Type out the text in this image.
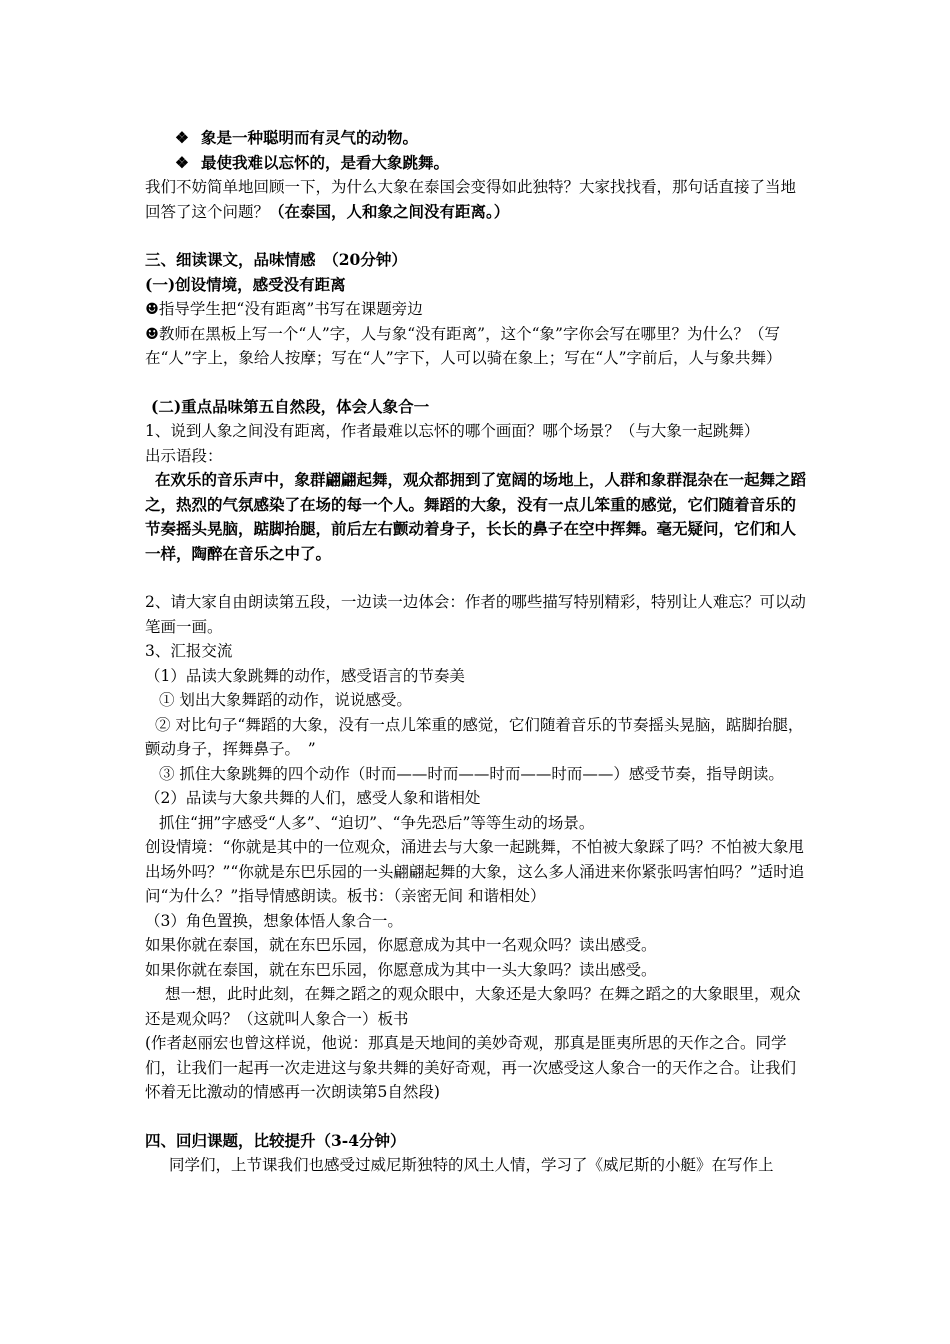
❖ 象是一种聪明而有灵气的动物。

❖ 最使我难以忘怀的，是看大象跳舞。

我们不妨简单地回顾一下，为什么大象在泰国会变得如此独特？大家找找看，那句话直接了当地回答了这个问题？（在泰国，人和象之间没有距离。）

三、细读课文，品味情感　（20分钟）

(一)创设情境，感受没有距离

☻指导学生把“没有距离”书写在课题旁边

☻教师在黑板上写一个“人”字，人与象“没有距离”，这个“象”字你会写在哪里？为什么？（写在“人”字上，象给人按摩；写在“人”字下，人可以骑在象上；写在“人”字前后，人与象共舞）

(二)重点品味第五自然段，体会人象合一

1、说到人象之间没有距离，作者最难以忘怀的哪个画面？哪个场景？（与大象一起跳舞）

出示语段：

在欢乐的音乐声中，象群翩翩起舞，观众都拥到了宽阔的场地上，人群和象群混杂在一起舞之蹈之，热烈的气氛感染了在场的每一个人。舞蹈的大象，没有一点儿笨重的感觉，它们随着音乐的节奏摇头晃脑，踮脚抬腿，前后左右颤动着身子，长长的鼻子在空中挥舞。毫无疑问，它们和人一样，陶醉在音乐之中了。

2、请大家自由朗读第五段，一边读一边体会：作者的哪些描写特别精彩，特别让人难忘？可以动笔画一画。

3、汇报交流

（1）品读大象跳舞的动作，感受语言的节奏美

① 划出大象舞蹈的动作，说说感受。

② 对比句子“舞蹈的大象，没有一点儿笨重的感觉，它们随着音乐的节奏摇头晃脑，踮脚抬腿，颤动身子，挥舞鼻子。　”

③ 抓住大象跳舞的四个动作（时而——时而——时而——时而——）感受节奏，指导朗读。

（2）品读与大象共舞的人们，感受人象和谐相处

抓住“拥”字感受“人多”、“迫切”、“争先恐后”等等生动的场景。

创设情境：“你就是其中的一位观众，涌进去与大象一起跳舞，不怕被大象踩了吗？不怕被大象甩出场外吗？”“你就是东巴乐园的一头翩翩起舞的大象，这么多人涌进来你紧张吗害怕吗？”适时追问“为什么？”指导情感朗读。板书：（亲密无间 和谐相处）

（3）角色置换，想象体悟人象合一。

如果你就在泰国，就在东巴乐园，你愿意成为其中一名观众吗？读出感受。

如果你就在泰国，就在东巴乐园，你愿意成为其中一头大象吗？读出感受。

想一想，此时此刻，在舞之蹈之的观众眼中，大象还是大象吗？在舞之蹈之的大象眼里，观众还是观众吗？（这就叫人象合一）板书

(作者赵丽宏也曾这样说，他说：那真是天地间的美妙奇观，那真是匪夷所思的天作之合。同学们，让我们一起再一次走进这与象共舞的美好奇观，再一次感受这人象合一的天作之合。让我们怀着无比激动的情感再一次朗读第5自然段)

四、回归课题，比较提升（3-4分钟）

同学们，上节课我们也感受过威尼斯独特的风土人情，学习了《威尼斯的小艇》在写作上
